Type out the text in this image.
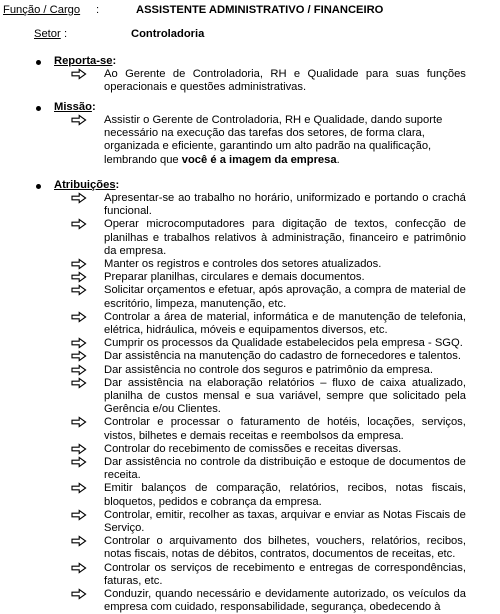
Função / Cargo :	ASSISTENTE ADMINISTRATIVO / FINANCEIRO
Setor :	Controladoria
Reporta-se:
Ao Gerente de Controladoria, RH e Qualidade para suas funções
operacionais e questões administrativas.
Missão:
Assistir o Gerente de Controladoria, RH e Qualidade, dando suporte
necessário na execução das tarefas dos setores, de forma clara,
organizada e eficiente, garantindo um alto padrão na qualificação,
lembrando que você é a imagem da empresa.
Atribuições:
Apresentar-se ao trabalho no horário, uniformizado e portando o crachá
funcional.
Operar microcomputadores para digitação de textos, confecção de
planilhas e trabalhos relativos à administração, financeiro e patrimônio
da empresa.
Manter os registros e controles dos setores atualizados.
Preparar planilhas, circulares e demais documentos.
Solicitar orçamentos e efetuar, após aprovação, a compra de material de
escritório, limpeza, manutenção, etc.
Controlar a área de material, informática e de manutenção de telefonia,
elétrica, hidráulica, móveis e equipamentos diversos, etc.
Cumprir os processos da Qualidade estabelecidos pela empresa - SGQ.
Dar assistência na manutenção do cadastro de fornecedores e talentos.
Dar assistência no controle dos seguros e patrimônio da empresa.
Dar assistência na elaboração relatórios – fluxo de caixa atualizado,
planilha de custos mensal e sua variável, sempre que solicitado pela
Gerência e/ou Clientes.
Controlar e processar o faturamento de hotéis, locações, serviços,
vistos, bilhetes e demais receitas e reembolsos da empresa.
Controlar do recebimento de comissões e receitas diversas.
Dar assistência no controle da distribuição e estoque de documentos de
receita.
Emitir balanços de comparação, relatórios, recibos, notas fiscais,
bloquetos, pedidos e cobrança da empresa.
Controlar, emitir, recolher as taxas, arquivar e enviar as Notas Fiscais de
Serviço.
Controlar o arquivamento dos bilhetes, vouchers, relatórios, recibos,
notas fiscais, notas de débitos, contratos, documentos de receitas, etc.
Controlar os serviços de recebimento e entregas de correspondências,
faturas, etc.
Conduzir, quando necessário e devidamente autorizado, os veículos da
empresa com cuidado, responsabilidade, segurança, obedecendo à
